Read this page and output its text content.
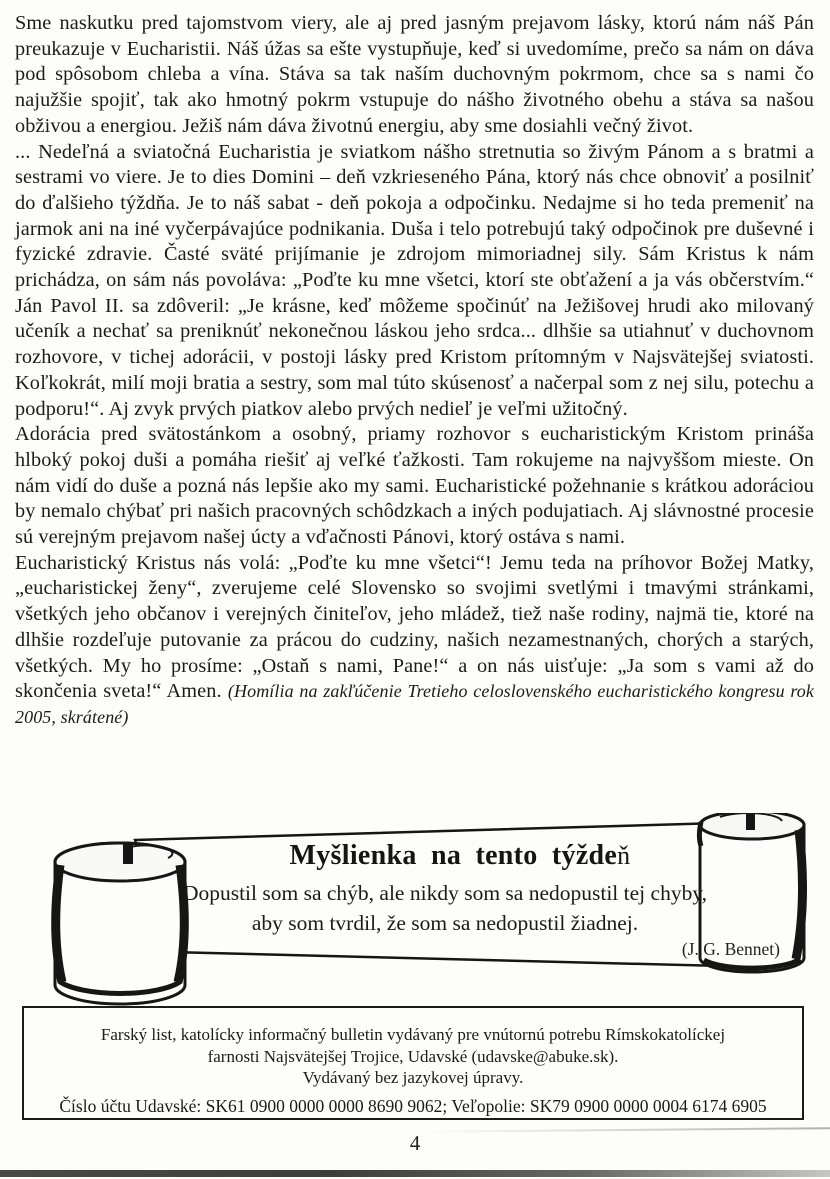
Sme naskutku pred tajomstvom viery, ale aj pred jasným prejavom lásky, ktorú nám náš Pán preukazuje v Eucharistii. Náš úžas sa ešte vystupňuje, keď si uvedomíme, prečo sa nám on dáva pod spôsobom chleba a vína. Stáva sa tak naším duchovným pokrmom, chce sa s nami čo najužšie spojiť, tak ako hmotný pokrm vstupuje do nášho životného obehu a stáva sa našou obživou a energiou. Ježiš nám dáva životnú energiu, aby sme dosiahli večný život.

... Nedeľná a sviatočná Eucharistia je sviatkom nášho stretnutia so živým Pánom a s bratmi a sestrami vo viere. Je to dies Domini – deň vzkrieseného Pána, ktorý nás chce obnoviť a posilniť do ďalšieho týždňa. Je to náš sabat - deň pokoja a odpočinku. Nedajme si ho teda premeniť na jarmok ani na iné vyčerpávajúce podnikania. Duša i telo potrebujú taký odpočinok pre duševné i fyzické zdravie. Časté sväté prijímanie je zdrojom mimoriadnej sily. Sám Kristus k nám prichádza, on sám nás povoláva: „Poďte ku mne všetci, ktorí ste obťažení a ja vás občerstvím.“ Ján Pavol II. sa zdôveril: „Je krásne, keď môžeme spočinúť na Ježišovej hrudi ako milovaný učeník a nechať sa preniknúť nekonečnou láskou jeho srdca... dlhšie sa utiahnuť v duchovnom rozhovore, v tichej adorácii, v postoji lásky pred Kristom prítomným v Najsvätejšej sviatosti. Koľkokrát, milí moji bratia a sestry, som mal túto skúsenosť a načerpal som z nej silu, potechu a podporu!“. Aj zvyk prvých piatkov alebo prvých nedieľ je veľmi užitočný.

Adorácia pred svätostánkom a osobný, priamy rozhovor s eucharistickým Kristom prináša hlboký pokoj duši a pomáha riešiť aj veľké ťažkosti. Tam rokujeme na najvyššom mieste. On nám vidí do duše a pozná nás lepšie ako my sami. Eucharistické požehnanie s krátkou adoráciou by nemalo chýbať pri našich pracovných schôdzkach a iných podujatiach. Aj slávnostné procesie sú verejným prejavom našej úcty a vďačnosti Pánovi, ktorý ostáva s nami.

Eucharistický Kristus nás volá: „Poďte ku mne všetci“! Jemu teda na príhovor Božej Matky, „eucharistickej ženy“, zverujeme celé Slovensko so svojimi svetlými i tmavými stránkami, všetkých jeho občanov i verejných činiteľov, jeho mládež, tiež naše rodiny, najmä tie, ktoré na dlhšie rozdeľuje putovanie za prácou do cudziny, našich nezamestnaných, chorých a starých, všetkých. My ho prosíme: „Ostaň s nami, Pane!“ a on nás uisťuje: „Ja som s vami až do skončenia sveta!“ Amen. (Homília na zakľúčenie Tretieho celoslovenského eucharistického kongresu rok 2005, skrátené)

Myšlienka na tento týždeň
Dopustil som sa chýb, ale nikdy som sa nedopustil tej chyby,
aby som tvrdil, že som sa nedopustil žiadnej.
(J. G. Bennet)
Farský list, katolícky informačný bulletin vydávaný pre vnútornú potrebu Rímskokatolíckej
farnosti Najsvätejšej Trojice, Udavské (udavske@abuke.sk).
Vydávaný bez jazykovej úpravy.
Číslo účtu Udavské: SK61 0900 0000 0000 8690 9062; Veľopolie: SK79 0900 0000 0004 6174 6905
4
